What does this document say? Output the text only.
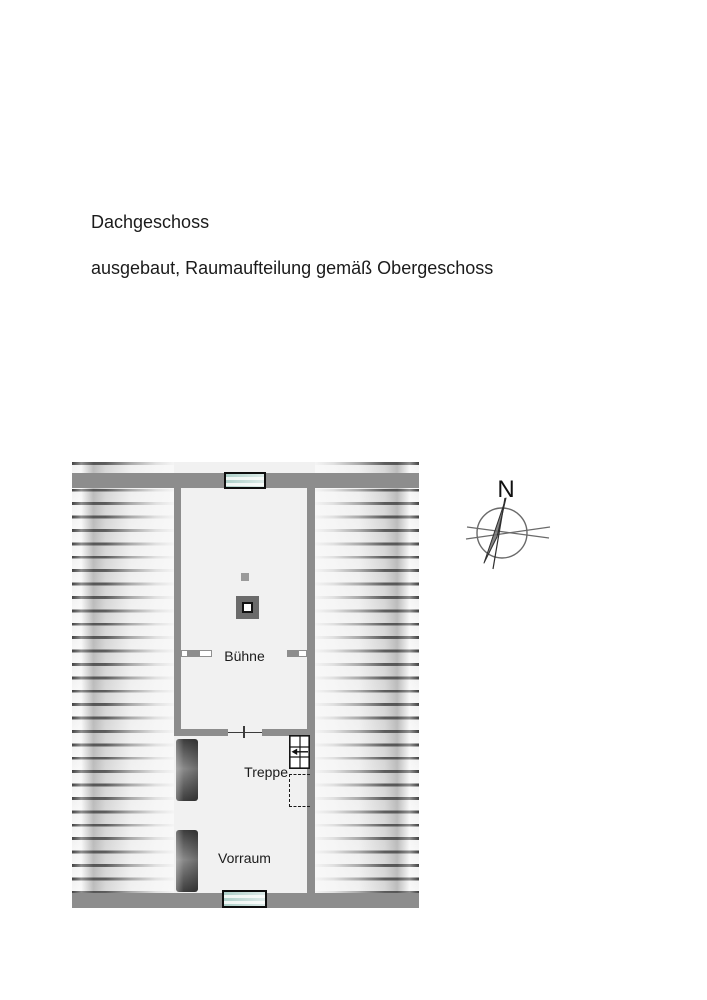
Dachgeschoss
ausgebaut, Raumaufteilung gemäß Obergeschoss
Bühne
Treppe
Vorraum
N
